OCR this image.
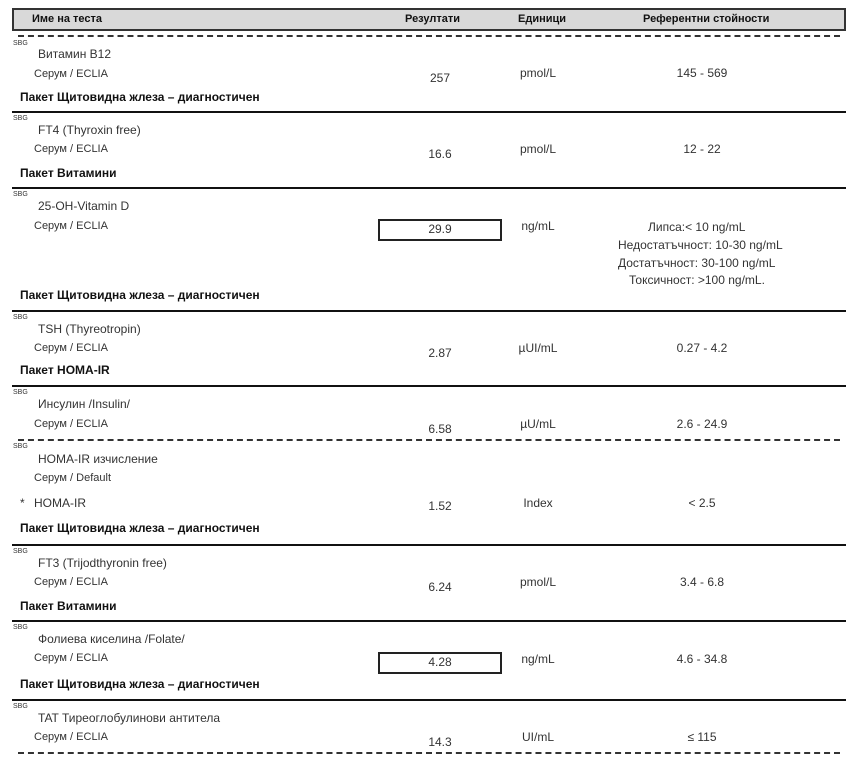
Име на теста	Резултати	Единици	Референтни стойности
SBG
Витамин B12
Серум / ECLIA	257	pmol/L	145 - 569
Пакет Щитовидна жлеза – диагностичен
SBG
FT4 (Thyroxin free)
Серум / ECLIA	16.6	pmol/L	12 - 22
Пакет Витамини
SBG
25-OH-Vitamin D
Серум / ECLIA	29.9	ng/mL	Липса:< 10 ng/mL
Недостатъчност: 10-30 ng/mL
Достатъчност: 30-100 ng/mL
Токсичност: >100 ng/mL.
Пакет Щитовидна жлеза – диагностичен
SBG
TSH (Thyreotropin)
Серум / ECLIA	2.87	µUI/mL	0.27 - 4.2
Пакет HOMA-IR
SBG
Инсулин /Insulin/
Серум / ECLIA	6.58	µU/mL	2.6 - 24.9
SBG
HOMA-IR изчисление
Серум / Default
* HOMA-IR	1.52	Index	< 2.5
Пакет Щитовидна жлеза – диагностичен
SBG
FT3 (Trijodthyronin free)
Серум / ECLIA	6.24	pmol/L	3.4 - 6.8
Пакет Витамини
SBG
Фолиева киселина /Folate/
Серум / ECLIA	4.28	ng/mL	4.6 - 34.8
Пакет Щитовидна жлеза – диагностичен
SBG
TAT Тиреоглобулинови антитела
Серум / ECLIA	14.3	UI/mL	≤ 115
